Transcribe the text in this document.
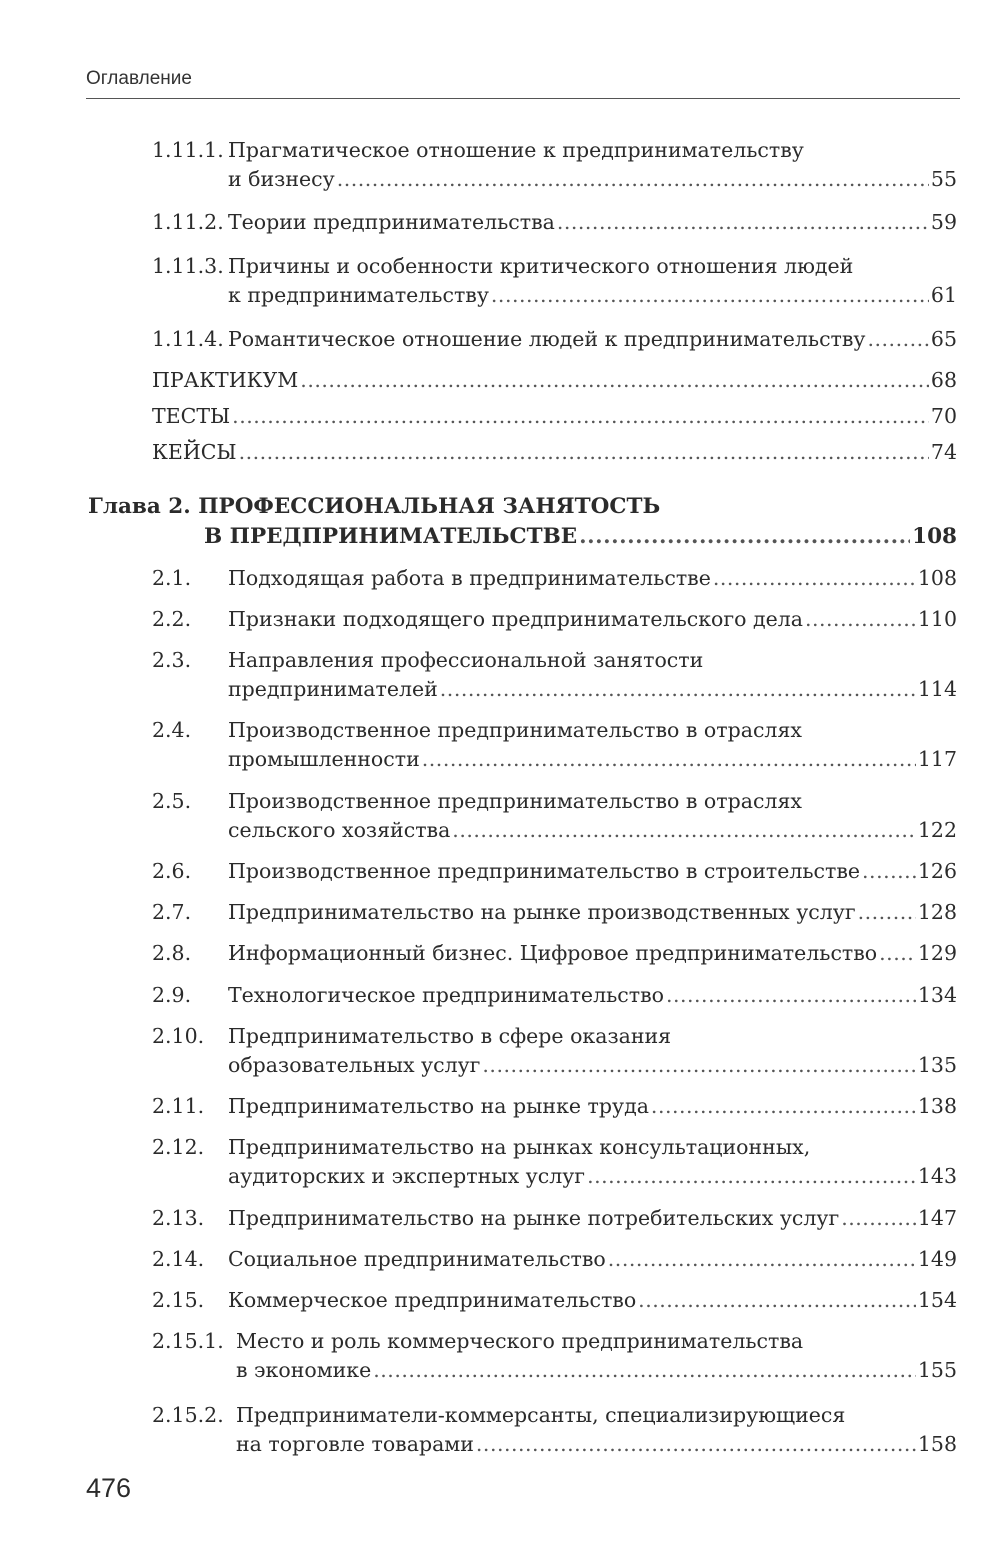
Оглавление
1.11.1. Прагматическое отношение к предпринимательству
и бизнесу .....	55
1.11.2. Теории предпринимательства .....	59
1.11.3. Причины и особенности критического отношения людей
к предпринимательству .....	61
1.11.4. Романтическое отношение людей к предпринимательству .....	65
ПРАКТИКУМ .....	68
ТЕСТЫ .....	70
КЕЙСЫ .....	74
Глава 2. ПРОФЕССИОНАЛЬНАЯ ЗАНЯТОСТЬ
В ПРЕДПРИНИМАТЕЛЬСТВЕ .....	108
2.1. Подходящая работа в предпринимательстве .....	108
2.2. Признаки подходящего предпринимательского дела .....	110
2.3. Направления профессиональной занятости
предпринимателей .....	114
2.4. Производственное предпринимательство в отраслях
промышленности .....	117
2.5. Производственное предпринимательство в отраслях
сельского хозяйства .....	122
2.6. Производственное предпринимательство в строительстве .....	126
2.7. Предпринимательство на рынке производственных услуг .....	128
2.8. Информационный бизнес. Цифровое предпринимательство ..... 129
2.9. Технологическое предпринимательство .....	134
2.10. Предпринимательство в сфере оказания
образовательных услуг .....	135
2.11. Предпринимательство на рынке труда .....	138
2.12. Предпринимательство на рынках консультационных,
аудиторских и экспертных услуг .....	143
2.13. Предпринимательство на рынке потребительских услуг .....	147
2.14. Социальное предпринимательство .....	149
2.15. Коммерческое предпринимательство .....	154
2.15.1. Место и роль коммерческого предпринимательства
в экономике .....	155
2.15.2. Предприниматели-коммерсанты, специализирующиеся
на торговле товарами .....	158
476
